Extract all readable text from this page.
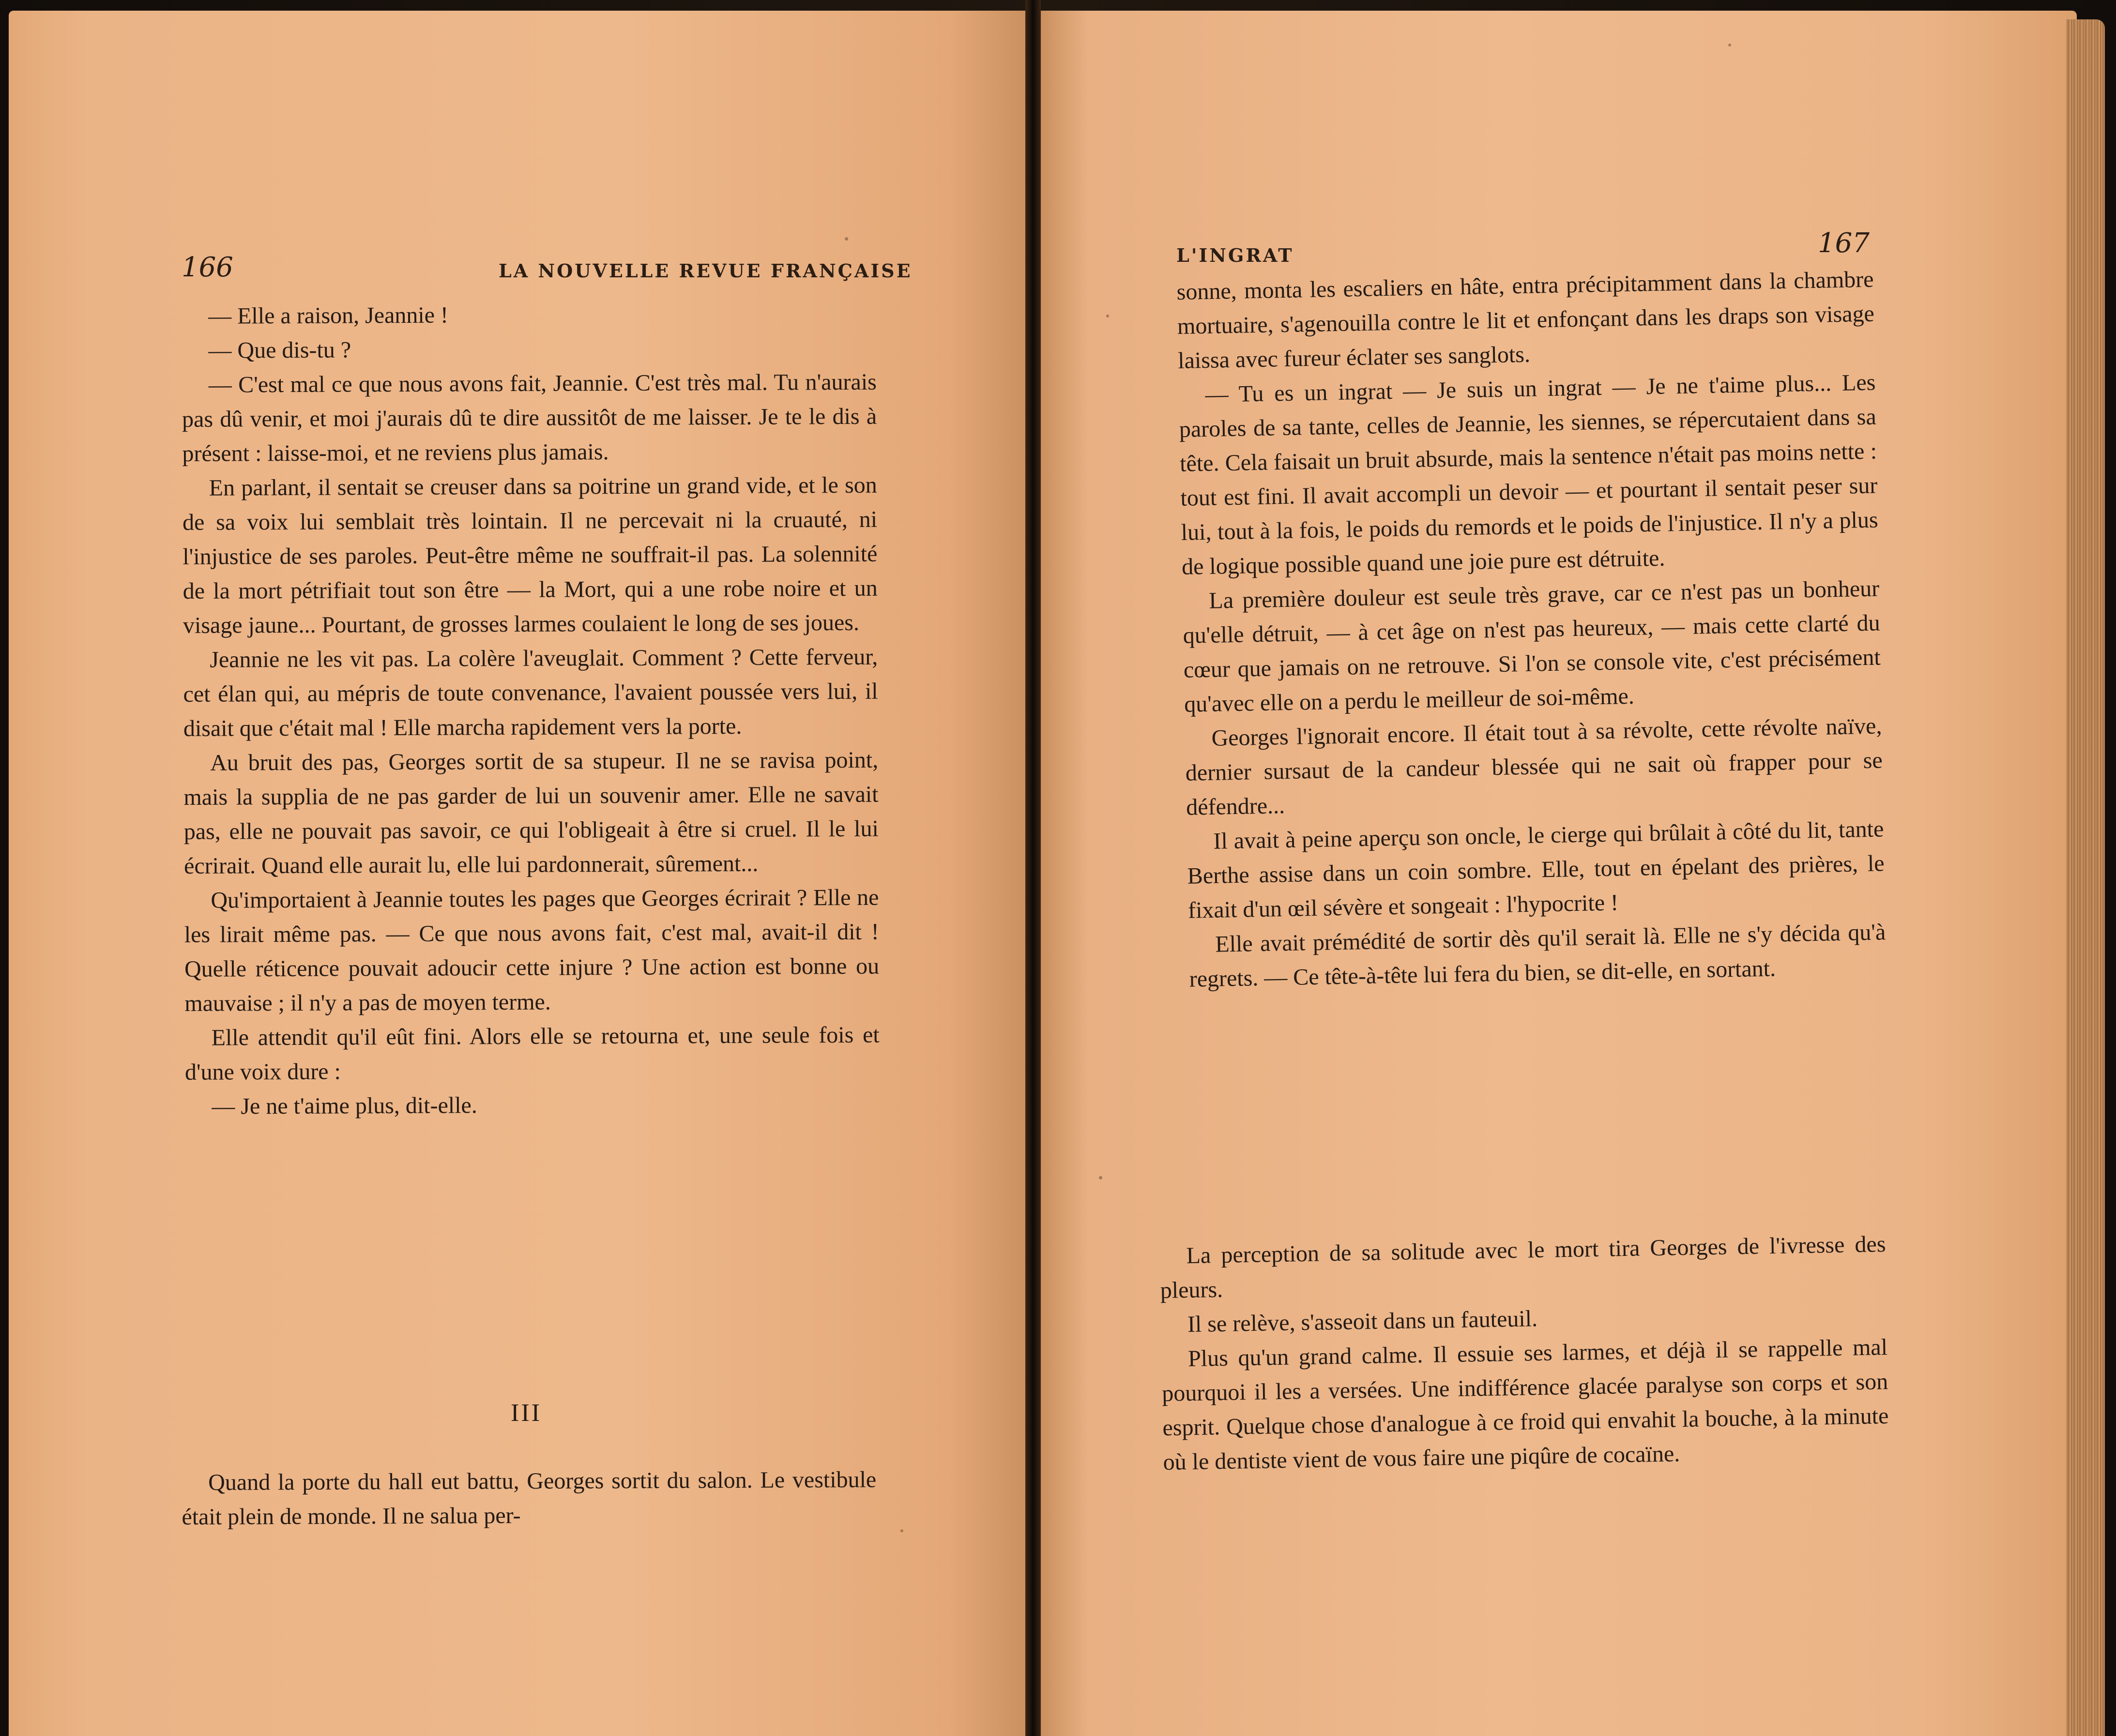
166	LA NOUVELLE REVUE FRANÇAISE

— Elle a raison, Jeannie !

— Que dis-tu ?

— C'est mal ce que nous avons fait, Jeannie. C'est très mal. Tu n'aurais pas dû venir, et moi j'aurais dû te dire aussitôt de me laisser. Je te le dis à présent : laisse-moi, et ne reviens plus jamais.

En parlant, il sentait se creuser dans sa poitrine un grand vide, et le son de sa voix lui semblait très lointain. Il ne percevait ni la cruauté, ni l'injustice de ses paroles. Peut-être même ne souffrait-il pas. La solennité de la mort pétrifiait tout son être — la Mort, qui a une robe noire et un visage jaune... Pourtant, de grosses larmes coulaient le long de ses joues.

Jeannie ne les vit pas. La colère l'aveuglait. Comment ? Cette ferveur, cet élan qui, au mépris de toute convenance, l'avaient poussée vers lui, il disait que c'était mal ! Elle marcha rapidement vers la porte.

Au bruit des pas, Georges sortit de sa stupeur. Il ne se ravisa point, mais la supplia de ne pas garder de lui un souvenir amer. Elle ne savait pas, elle ne pouvait pas savoir, ce qui l'obligeait à être si cruel. Il le lui écrirait. Quand elle aurait lu, elle lui pardonnerait, sûrement...

Qu'importaient à Jeannie toutes les pages que Georges écrirait ? Elle ne les lirait même pas. — Ce que nous avons fait, c'est mal, avait-il dit ! Quelle réticence pouvait adoucir cette injure ? Une action est bonne ou mauvaise ; il n'y a pas de moyen terme.

Elle attendit qu'il eût fini. Alors elle se retourna et, une seule fois et d'une voix dure :

— Je ne t'aime plus, dit-elle.

III

Quand la porte du hall eut battu, Georges sortit du salon. Le vestibule était plein de monde. Il ne salua per-

L'INGRAT	167

sonne, monta les escaliers en hâte, entra précipitamment dans la chambre mortuaire, s'agenouilla contre le lit et enfonçant dans les draps son visage laissa avec fureur éclater ses sanglots.

— Tu es un ingrat — Je suis un ingrat — Je ne t'aime plus... Les paroles de sa tante, celles de Jeannie, les siennes, se répercutaient dans sa tête. Cela faisait un bruit absurde, mais la sentence n'était pas moins nette : tout est fini. Il avait accompli un devoir — et pourtant il sentait peser sur lui, tout à la fois, le poids du remords et le poids de l'injustice. Il n'y a plus de logique possible quand une joie pure est détruite.

La première douleur est seule très grave, car ce n'est pas un bonheur qu'elle détruit, — à cet âge on n'est pas heureux, — mais cette clarté du cœur que jamais on ne retrouve. Si l'on se console vite, c'est précisément qu'avec elle on a perdu le meilleur de soi-même.

Georges l'ignorait encore. Il était tout à sa révolte, cette révolte naïve, dernier sursaut de la candeur blessée qui ne sait où frapper pour se défendre...

Il avait à peine aperçu son oncle, le cierge qui brûlait à côté du lit, tante Berthe assise dans un coin sombre. Elle, tout en épelant des prières, le fixait d'un œil sévère et songeait : l'hypocrite !

Elle avait prémédité de sortir dès qu'il serait là. Elle ne s'y décida qu'à regrets. — Ce tête-à-tête lui fera du bien, se dit-elle, en sortant.

La perception de sa solitude avec le mort tira Georges de l'ivresse des pleurs.

Il se relève, s'asseoit dans un fauteuil.

Plus qu'un grand calme. Il essuie ses larmes, et déjà il se rappelle mal pourquoi il les a versées. Une indifférence glacée paralyse son corps et son esprit. Quelque chose d'analogue à ce froid qui envahit la bouche, à la minute où le dentiste vient de vous faire une piqûre de cocaïne.
